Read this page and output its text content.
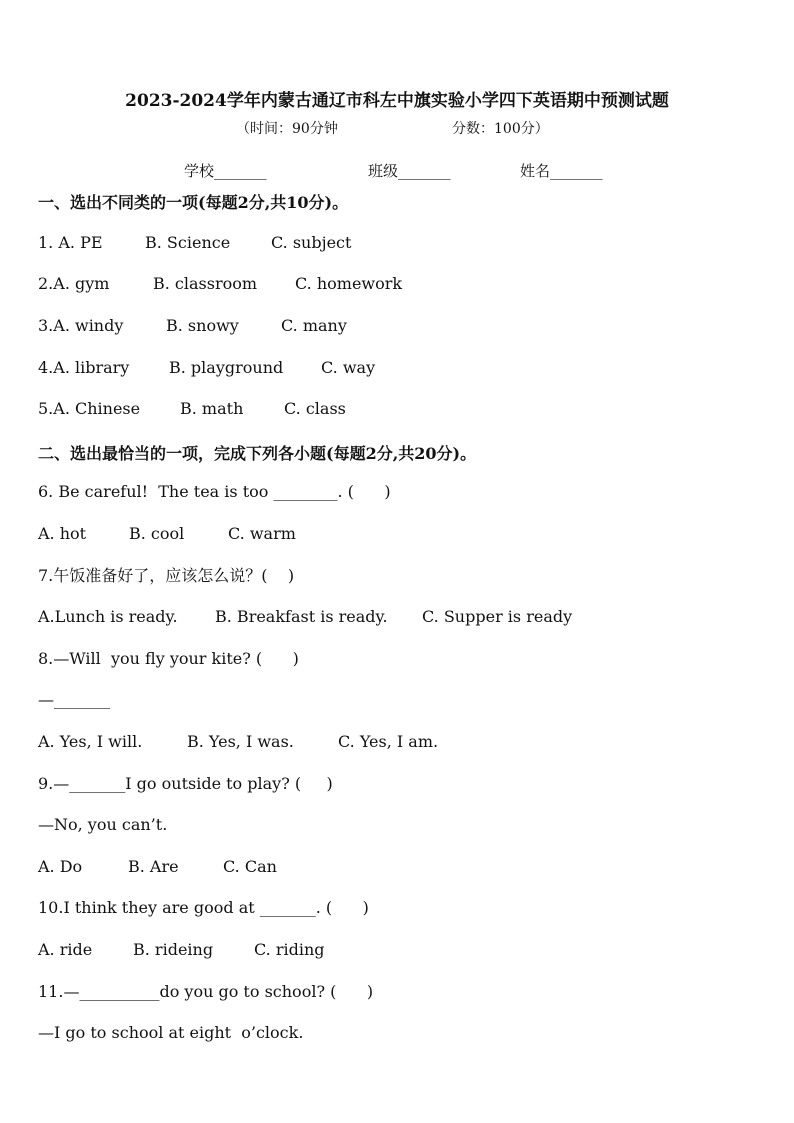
2023-2024学年内蒙古通辽市科左中旗实验小学四下英语期中预测试题
（时间：90分钟	分数：100分）
学校_______	班级_______	姓名_______
一、选出不同类的一项(每题2分,共10分)。
1. A. PE	B. Science	C. subject
2.A. gym	B. classroom C. homework
3.A. windy	B. snowy	C. many
4.A. library B. playground C. way
5.A. Chinese B. math	C. class
二、选出最恰当的一项，完成下列各小题(每题2分,共20分)。
6. Be careful!  The tea is too ________. (      )
A. hot	B. cool	C. warm
7.午饭准备好了，应该怎么说？(    )
A.Lunch is ready. B. Breakfast is ready. C. Supper is ready
8.—Will  you fly your kite? (      )
—_______
A. Yes, I will.	B. Yes, I was.	C. Yes, I am.
9.—_______I go outside to play? (     )
—No, you can’t.
A. Do	B. Are	C. Can
10.I think they are good at _______. (      )
A. ride	B. rideing	C. riding
11.—__________do you go to school? (      )
—I go to school at eight  o’clock.
